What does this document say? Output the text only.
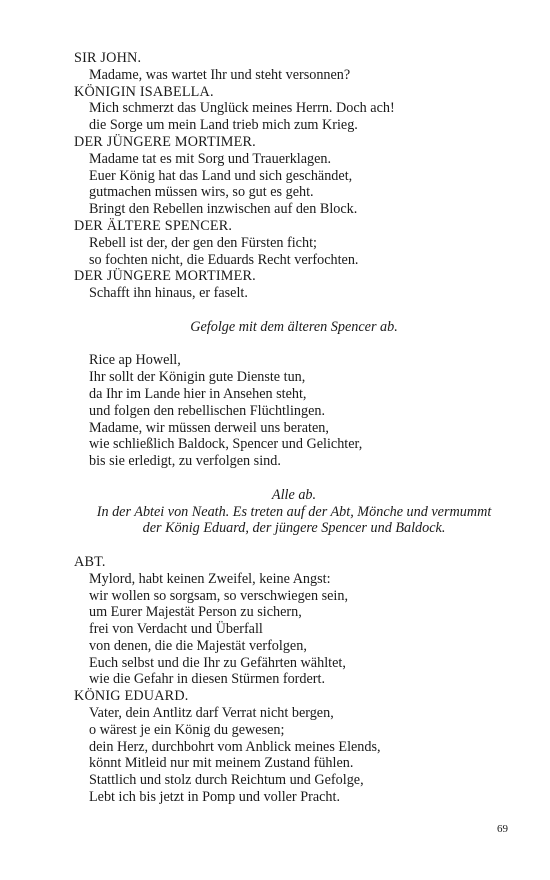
SIR JOHN.
Madame, was wartet Ihr und steht versonnen?
KÖNIGIN ISABELLA.
Mich schmerzt das Unglück meines Herrn. Doch ach!
die Sorge um mein Land trieb mich zum Krieg.
DER JÜNGERE MORTIMER.
Madame tat es mit Sorg und Trauerklagen.
Euer König hat das Land und sich geschändet,
gutmachen müssen wirs, so gut es geht.
Bringt den Rebellen inzwischen auf den Block.
DER ÄLTERE SPENCER.
Rebell ist der, der gen den Fürsten ficht;
so fochten nicht, die Eduards Recht verfochten.
DER JÜNGERE MORTIMER.
Schafft ihn hinaus, er faselt.
Gefolge mit dem älteren Spencer ab.
Rice ap Howell,
Ihr sollt der Königin gute Dienste tun,
da Ihr im Lande hier in Ansehen steht,
und folgen den rebellischen Flüchtlingen.
Madame, wir müssen derweil uns beraten,
wie schließlich Baldock, Spencer und Gelichter,
bis sie erledigt, zu verfolgen sind.
Alle ab.
In der Abtei von Neath. Es treten auf der Abt, Mönche und vermummt
der König Eduard, der jüngere Spencer und Baldock.
ABT.
Mylord, habt keinen Zweifel, keine Angst:
wir wollen so sorgsam, so verschwiegen sein,
um Eurer Majestät Person zu sichern,
frei von Verdacht und Überfall
von denen, die die Majestät verfolgen,
Euch selbst und die Ihr zu Gefährten wähltet,
wie die Gefahr in diesen Stürmen fordert.
KÖNIG EDUARD.
Vater, dein Antlitz darf Verrat nicht bergen,
o wärest je ein König du gewesen;
dein Herz, durchbohrt vom Anblick meines Elends,
könnt Mitleid nur mit meinem Zustand fühlen.
Stattlich und stolz durch Reichtum und Gefolge,
Lebt ich bis jetzt in Pomp und voller Pracht.
69
